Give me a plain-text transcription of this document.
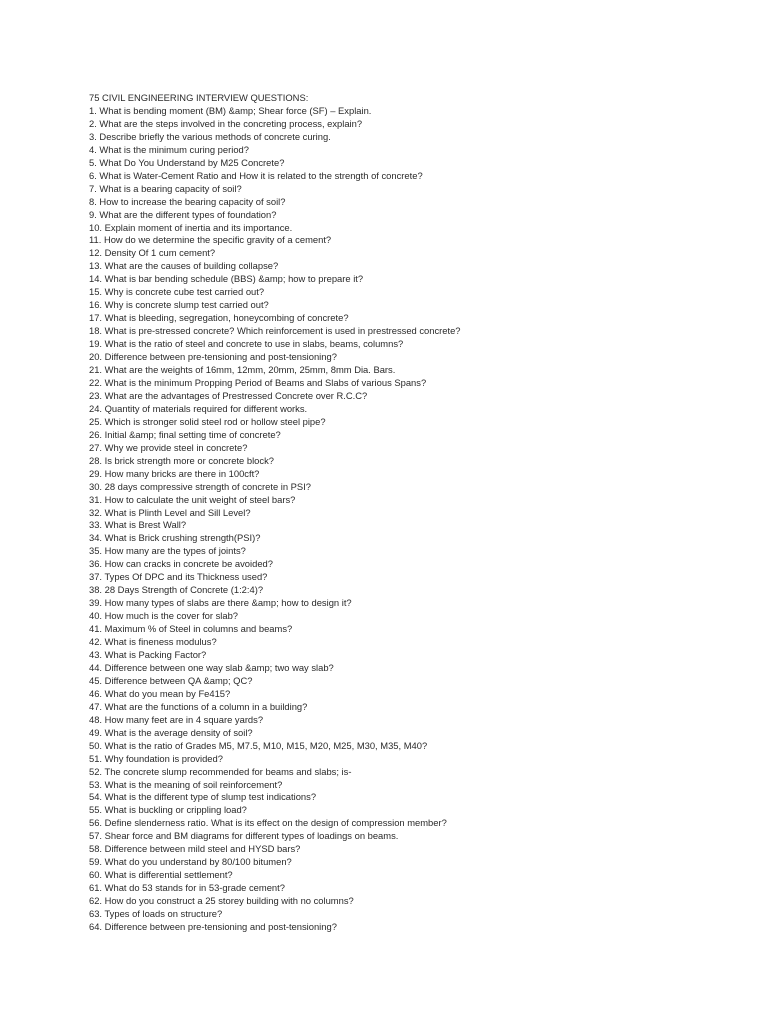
75 CIVIL ENGINEERING INTERVIEW QUESTIONS:
1. What is bending moment (BM) &amp; Shear force (SF) – Explain.
2. What are the steps involved in the concreting process, explain?
3. Describe briefly the various methods of concrete curing.
4. What is the minimum curing period?
5. What Do You Understand by M25 Concrete?
6. What is Water-Cement Ratio and How it is related to the strength of concrete?
7. What is a bearing capacity of soil?
8. How to increase the bearing capacity of soil?
9. What are the different types of foundation?
10. Explain moment of inertia and its importance.
11. How do we determine the specific gravity of a cement?
12. Density Of 1 cum cement?
13. What are the causes of building collapse?
14. What is bar bending schedule (BBS) &amp; how to prepare it?
15. Why is concrete cube test carried out?
16. Why is concrete slump test carried out?
17. What is bleeding, segregation, honeycombing of concrete?
18. What is pre-stressed concrete? Which reinforcement is used in prestressed concrete?
19. What is the ratio of steel and concrete to use in slabs, beams, columns?
20. Difference between pre-tensioning and post-tensioning?
21. What are the weights of 16mm, 12mm, 20mm, 25mm, 8mm Dia. Bars.
22. What is the minimum Propping Period of Beams and Slabs of various Spans?
23. What are the advantages of Prestressed Concrete over R.C.C?
24. Quantity of materials required for different works.
25. Which is stronger solid steel rod or hollow steel pipe?
26. Initial &amp; final setting time of concrete?
27. Why we provide steel in concrete?
28. Is brick strength more or concrete block?
29. How many bricks are there in 100cft?
30. 28 days compressive strength of concrete in PSI?
31. How to calculate the unit weight of steel bars?
32. What is Plinth Level and Sill Level?
33. What is Brest Wall?
34. What is Brick crushing strength(PSI)?
35. How many are the types of joints?
36. How can cracks in concrete be avoided?
37. Types Of DPC and its Thickness used?
38. 28 Days Strength of Concrete (1:2:4)?
39. How many types of slabs are there &amp; how to design it?
40. How much is the cover for slab?
41. Maximum % of Steel in columns and beams?
42. What is fineness modulus?
43. What is Packing Factor?
44. Difference between one way slab &amp; two way slab?
45. Difference between QA &amp; QC?
46. What do you mean by Fe415?
47. What are the functions of a column in a building?
48. How many feet are in 4 square yards?
49. What is the average density of soil?
50. What is the ratio of Grades M5, M7.5, M10, M15, M20, M25, M30, M35, M40?
51. Why foundation is provided?
52. The concrete slump recommended for beams and slabs; is-
53. What is the meaning of soil reinforcement?
54. What is the different type of slump test indications?
55. What is buckling or crippling load?
56. Define slenderness ratio. What is its effect on the design of compression member?
57. Shear force and BM diagrams for different types of loadings on beams.
58. Difference between mild steel and HYSD bars?
59. What do you understand by 80/100 bitumen?
60. What is differential settlement?
61. What do 53 stands for in 53-grade cement?
62. How do you construct a 25 storey building with no columns?
63. Types of loads on structure?
64. Difference between pre-tensioning and post-tensioning?
